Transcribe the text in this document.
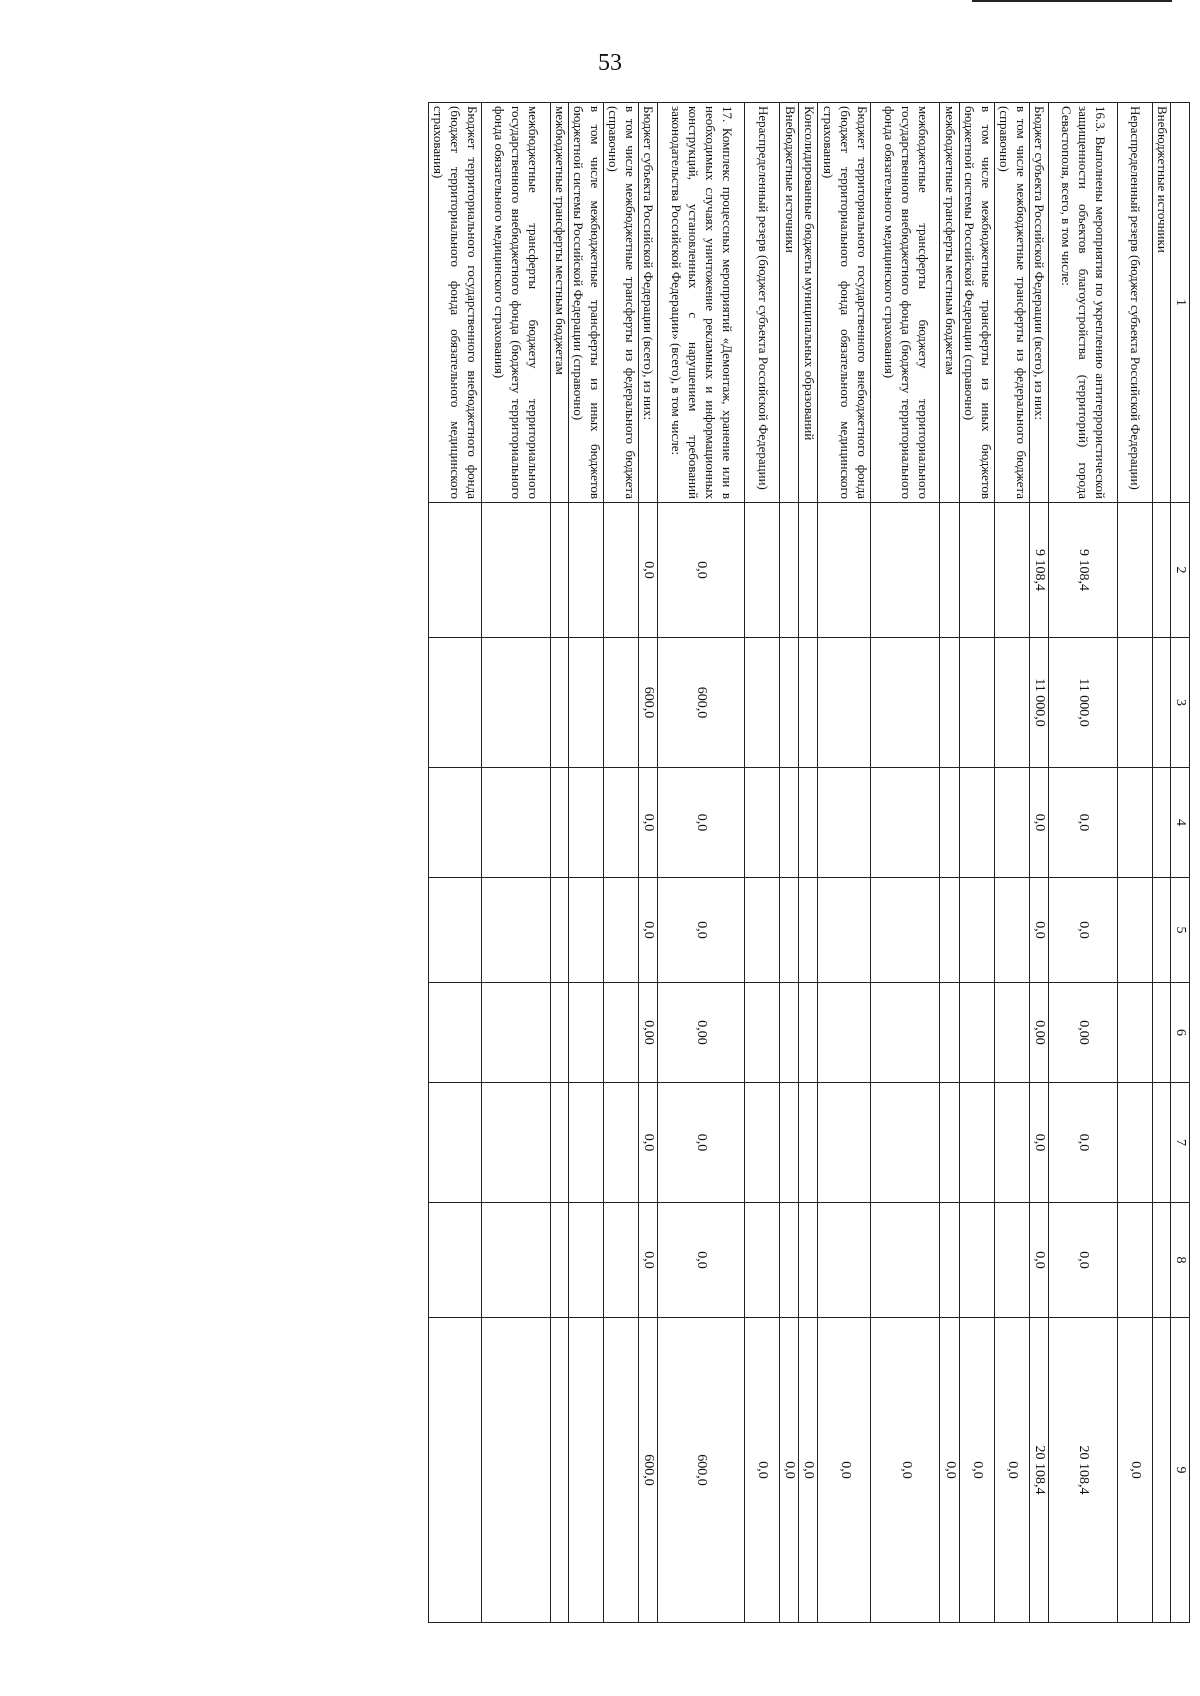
53
1	2	3	4	5	6	7	8	9
Внебюджетные источники								
Нераспределенный резерв (бюджет субъекта Российской Федерации)								0,0
16.3. Выполнены мероприятия по укреплению антитеррористической защищенности объектов благоустройства (территорий) города Севастополя, всего, в том числе:	9 108,4	11 000,0	0,0	0,0	0,00	0,0	0,0	20 108,4
Бюджет субъекта Российской Федерации (всего), из них:	9 108,4	11 000,0	0,0	0,0	0,00	0,0	0,0	20 108,4
в том числе межбюджетные трансферты из федерального бюджета (справочно)								0,0
в том числе межбюджетные трансферты из иных бюджетов бюджетной системы Российской Федерации (справочно)								0,0
межбюджетные трансферты местным бюджетам								0,0
межбюджетные трансферты бюджету территориального государственного внебюджетного фонда (бюджету территориального фонда обязательного медицинского страхования)								0,0
Бюджет территориального государственного внебюджетного фонда (бюджет территориального фонда обязательного медицинского страхования)								0,0
Консолидированные бюджеты муниципальных образований								0,0
Внебюджетные источники								0,0
Нераспределенный резерв (бюджет субъекта Российской Федерации)								0,0
17. Комплекс процессных мероприятий «Демонтаж, хранение или в необходимых случаях уничтожение рекламных и информационных конструкций, установленных с нарушением требований законодательства Российской Федерации» (всего), в том числе:	0,0	600,0	0,0	0,0	0,00	0,0	0,0	600,0
Бюджет субъекта Российской Федерации (всего), из них:	0,0	600,0	0,0	0,0	0,00	0,0	0,0	600,0
в том числе межбюджетные трансферты из федерального бюджета (справочно)								
в том числе межбюджетные трансферты из иных бюджетов бюджетной системы Российской Федерации (справочно)								
межбюджетные трансферты местным бюджетам								
межбюджетные трансферты бюджету территориального государственного внебюджетного фонда (бюджету территориального фонда обязательного медицинского страхования)								
Бюджет территориального государственного внебюджетного фонда (бюджет территориального фонда обязательного медицинского страхования)								
